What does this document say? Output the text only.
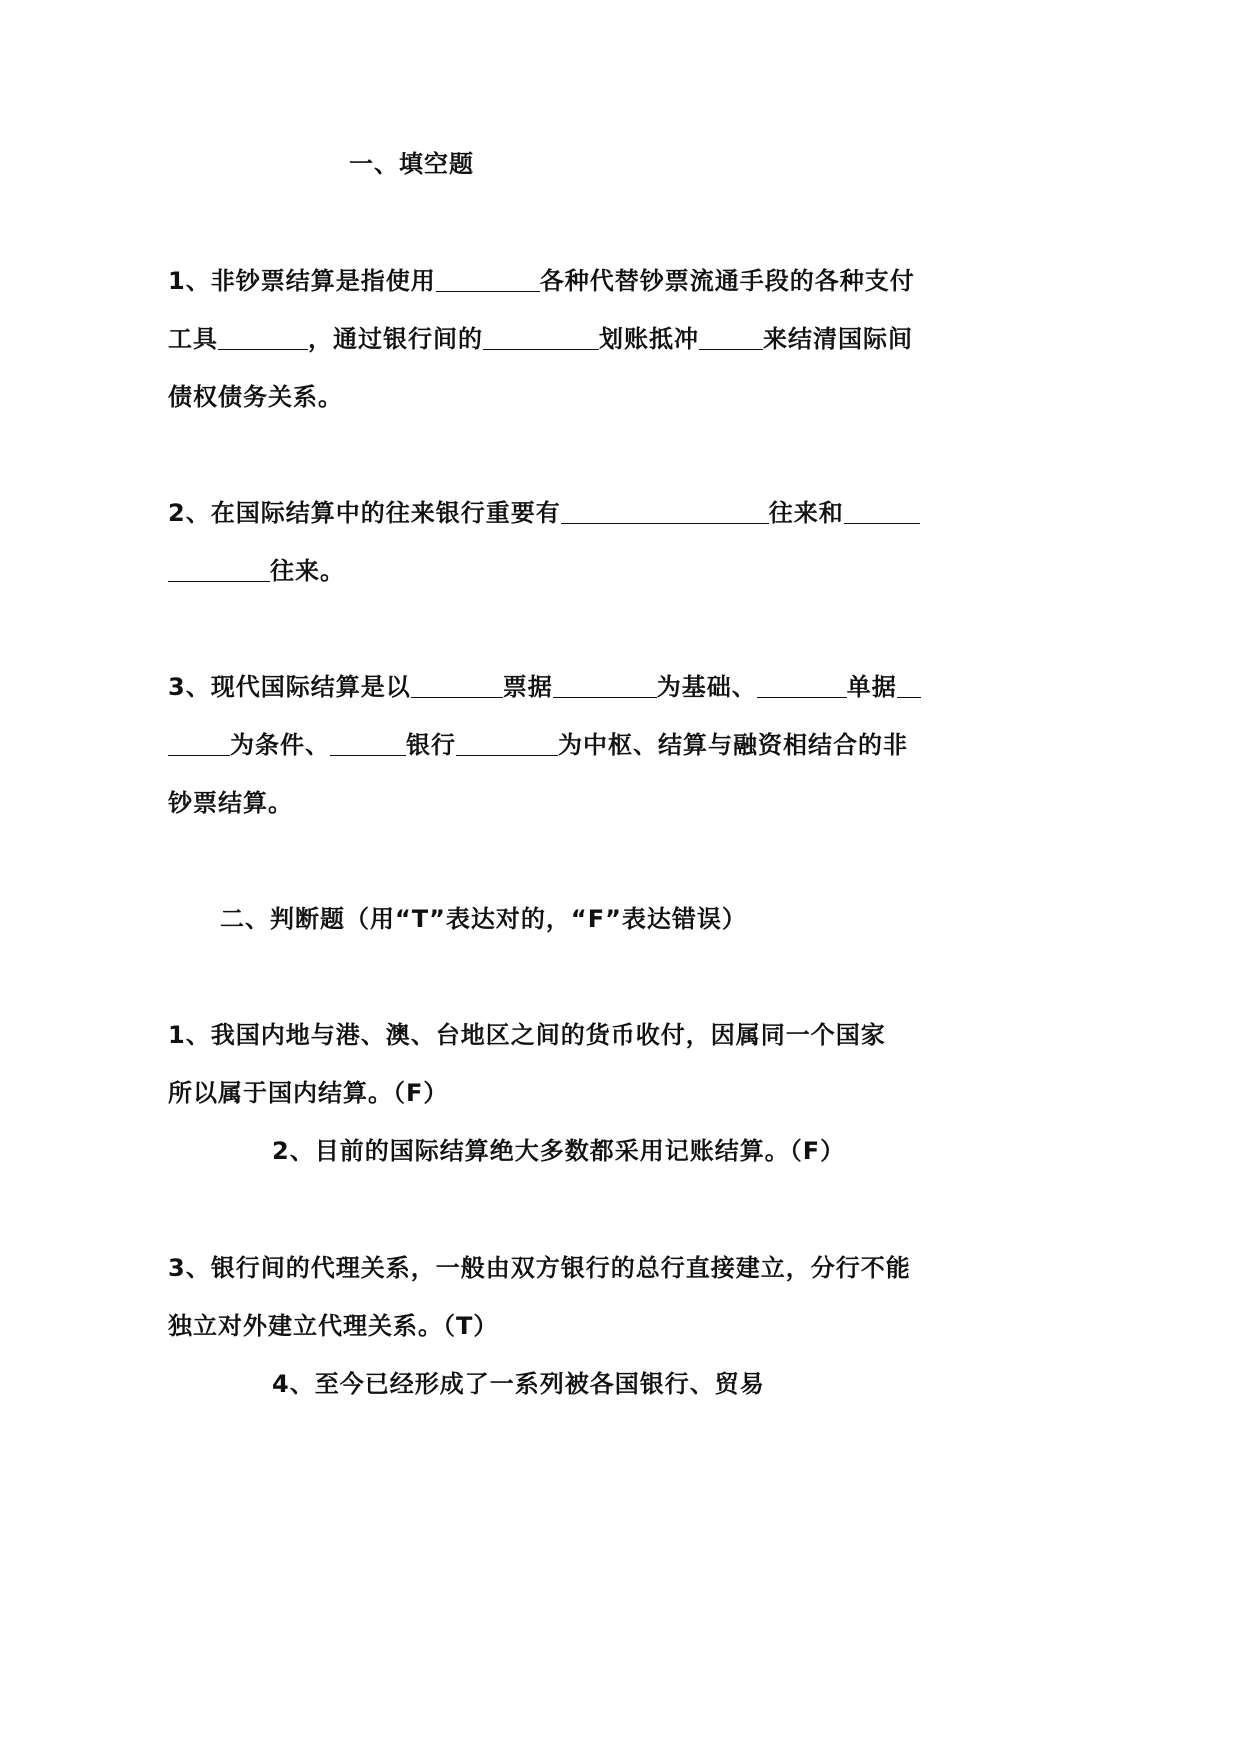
一、填空题
1、非钞票结算是指使用	各种代替钞票流通手段的各种支付
工具	，通过银行间的	划账抵冲	来结清国际间
债权债务关系。
2、在国际结算中的往来银行重要有	往来和
往来。
3、现代国际结算是以	票据	为基础、	单据
为条件、	银行	为中枢、结算与融资相结合的非
钞票结算。
二、判断题（用“T”表达对的，“F”表达错误）
1、我国内地与港、澳、台地区之间的货币收付，因属同一个国家
所以属于国内结算。（F）
2、目前的国际结算绝大多数都采用记账结算。（F）
3、银行间的代理关系，一般由双方银行的总行直接建立，分行不能
独立对外建立代理关系。（T）
4、至今已经形成了一系列被各国银行、贸易
